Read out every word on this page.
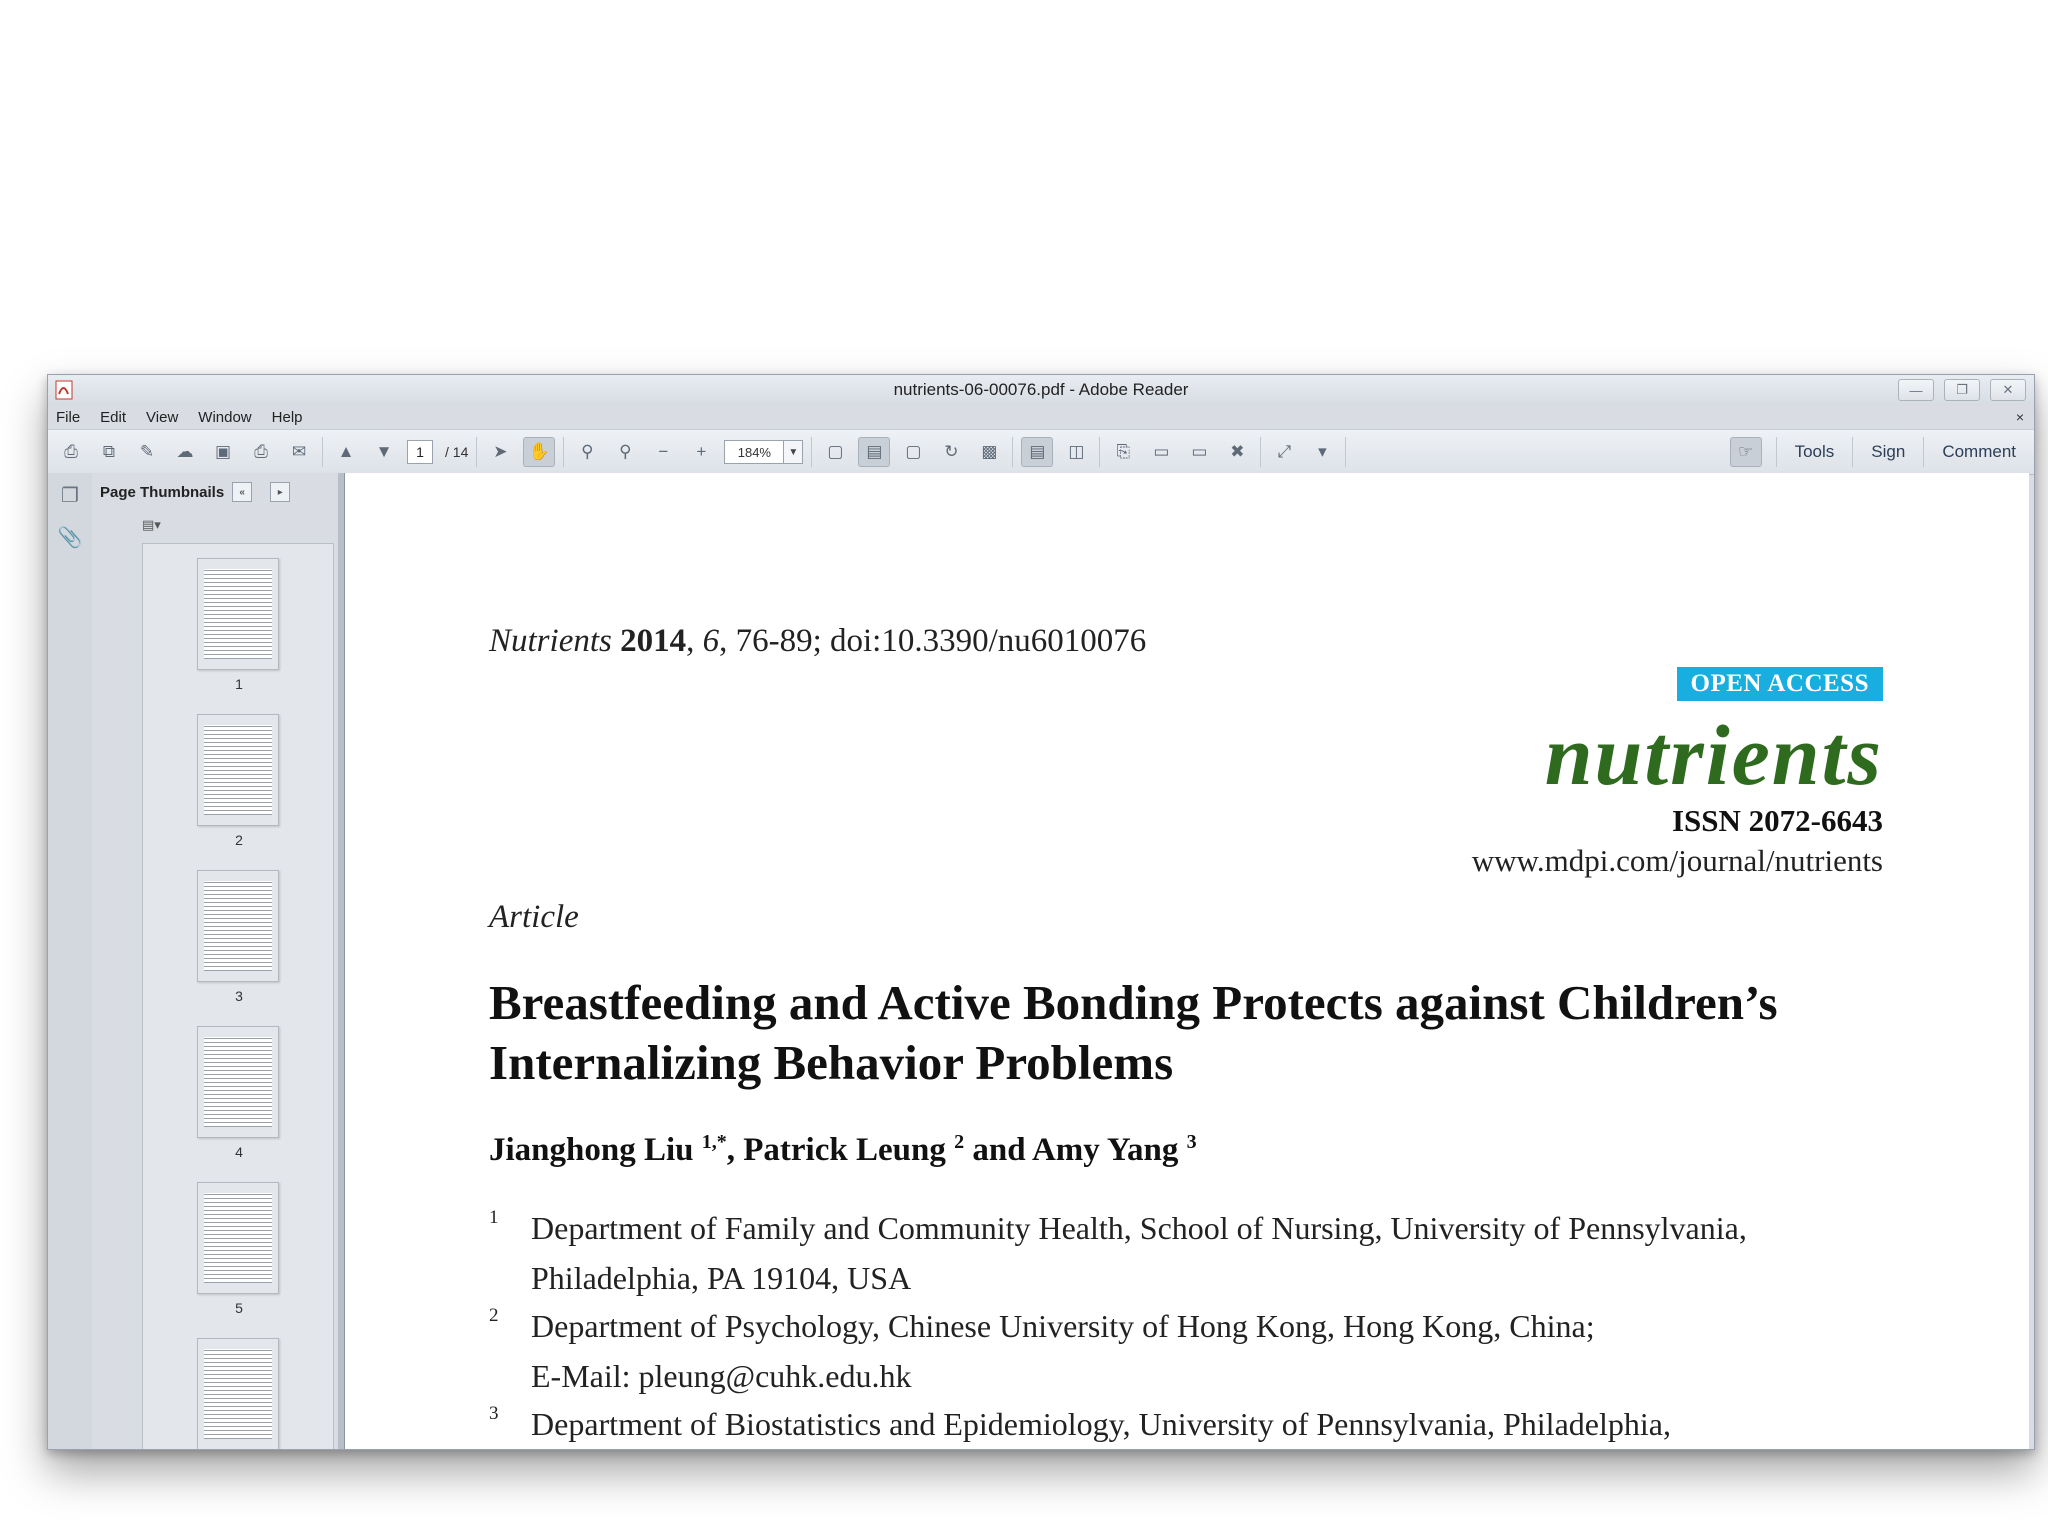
nutrients-06-00076.pdf - Adobe Reader	—	❐	✕
File	Edit	View	Window	Help	×
⎙	⧉	✎	☁	▣	⎙	✉	▲	▼	1	/ 14	➤	✋	⚲	⚲	−	+	184%	▼	▢	▤	▢	↻	▩	▤	◫	⎘	▭	▭	✖	⤢	▾	☞	Tools	Sign	Comment
❐
📎
Page Thumbnails	«	▸
▤▾
1
2
3
4
5
Nutrients 2014, 6, 76-89; doi:10.3390/nu6010076
OPEN ACCESS
nutrients
ISSN 2072-6643
www.mdpi.com/journal/nutrients
Article
Breastfeeding and Active Bonding Protects against Children’s
Internalizing Behavior Problems
Jianghong Liu $^{1,*}$, Patrick Leung $^2$ and Amy Yang $^3$
1 Department of Family and Community Health, School of Nursing, University of Pennsylvania,
Philadelphia, PA 19104, USA
2 Department of Psychology, Chinese University of Hong Kong, Hong Kong, China;
E-Mail: pleung@cuhk.edu.hk
3 Department of Biostatistics and Epidemiology, University of Pennsylvania, Philadelphia,
